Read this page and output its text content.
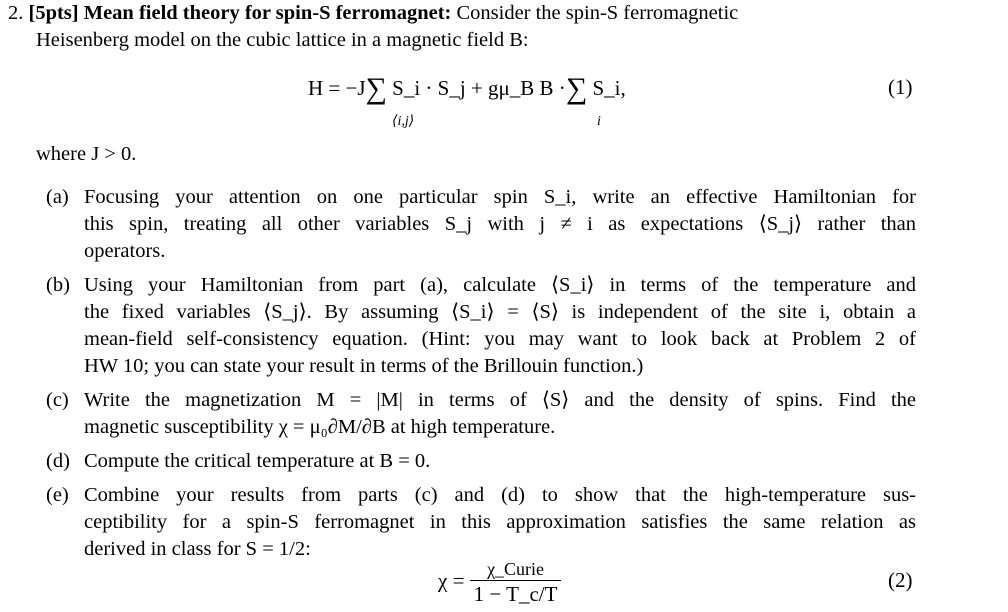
2. [5pts] Mean field theory for spin-S ferromagnet: Consider the spin-S ferromagnetic
Heisenberg model on the cubic lattice in a magnetic field B:
H = −J∑ S_i · S_j + gμ_B B ·∑ S_i,
⟨i,j⟩	i
(1)
where J > 0.
(a) Focusing your attention on one particular spin S_i, write an effective Hamiltonian for
this spin, treating all other variables S_j with j ≠ i as expectations ⟨S_j⟩ rather than
operators.
(b) Using your Hamiltonian from part (a), calculate ⟨S_i⟩ in terms of the temperature and
the fixed variables ⟨S_j⟩. By assuming ⟨S_i⟩ = ⟨S⟩ is independent of the site i, obtain a
mean-field self-consistency equation. (Hint: you may want to look back at Problem 2 of
HW 10; you can state your result in terms of the Brillouin function.)
(c) Write the magnetization M = |M| in terms of ⟨S⟩ and the density of spins. Find the
magnetic susceptibility χ = μ₀∂M/∂B at high temperature.
(d) Compute the critical temperature at B = 0.
(e) Combine your results from parts (c) and (d) to show that the high-temperature sus-
ceptibility for a spin-S ferromagnet in this approximation satisfies the same relation as
derived in class for S = 1/2:
$\chi = \frac{\text{χ\_Curie}}{1 - T\_c/T}$	(2)
